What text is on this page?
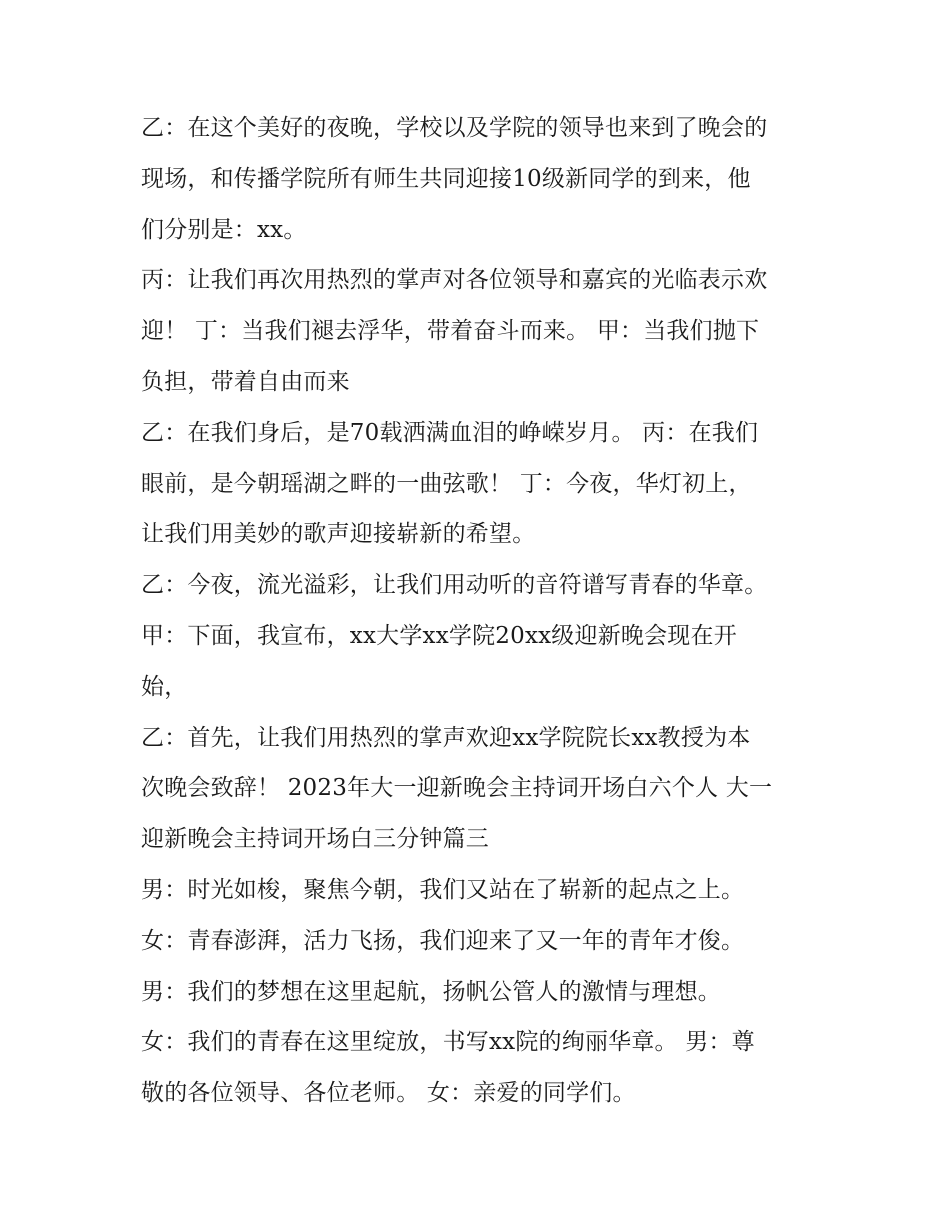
乙：在这个美好的夜晚，学校以及学院的领导也来到了晚会的
现场，和传播学院所有师生共同迎接10级新同学的到来，他
们分别是：xx。
丙：让我们再次用热烈的掌声对各位领导和嘉宾的光临表示欢
迎！ 丁：当我们褪去浮华，带着奋斗而来。 甲：当我们抛下
负担，带着自由而来
乙：在我们身后，是70载洒满血泪的峥嵘岁月。 丙：在我们
眼前，是今朝瑶湖之畔的一曲弦歌！ 丁：今夜，华灯初上，
让我们用美妙的歌声迎接崭新的希望。
乙：今夜，流光溢彩，让我们用动听的音符谱写青春的华章。
甲：下面，我宣布，xx大学xx学院20xx级迎新晚会现在开
始，
乙：首先，让我们用热烈的掌声欢迎xx学院院长xx教授为本
次晚会致辞！ 2023年大一迎新晚会主持词开场白六个人 大一
迎新晚会主持词开场白三分钟篇三
男：时光如梭，聚焦今朝，我们又站在了崭新的起点之上。
女：青春澎湃，活力飞扬，我们迎来了又一年的青年才俊。
男：我们的梦想在这里起航，扬帆公管人的激情与理想。
女：我们的青春在这里绽放，书写xx院的绚丽华章。 男：尊
敬的各位领导、各位老师。 女：亲爱的同学们。
